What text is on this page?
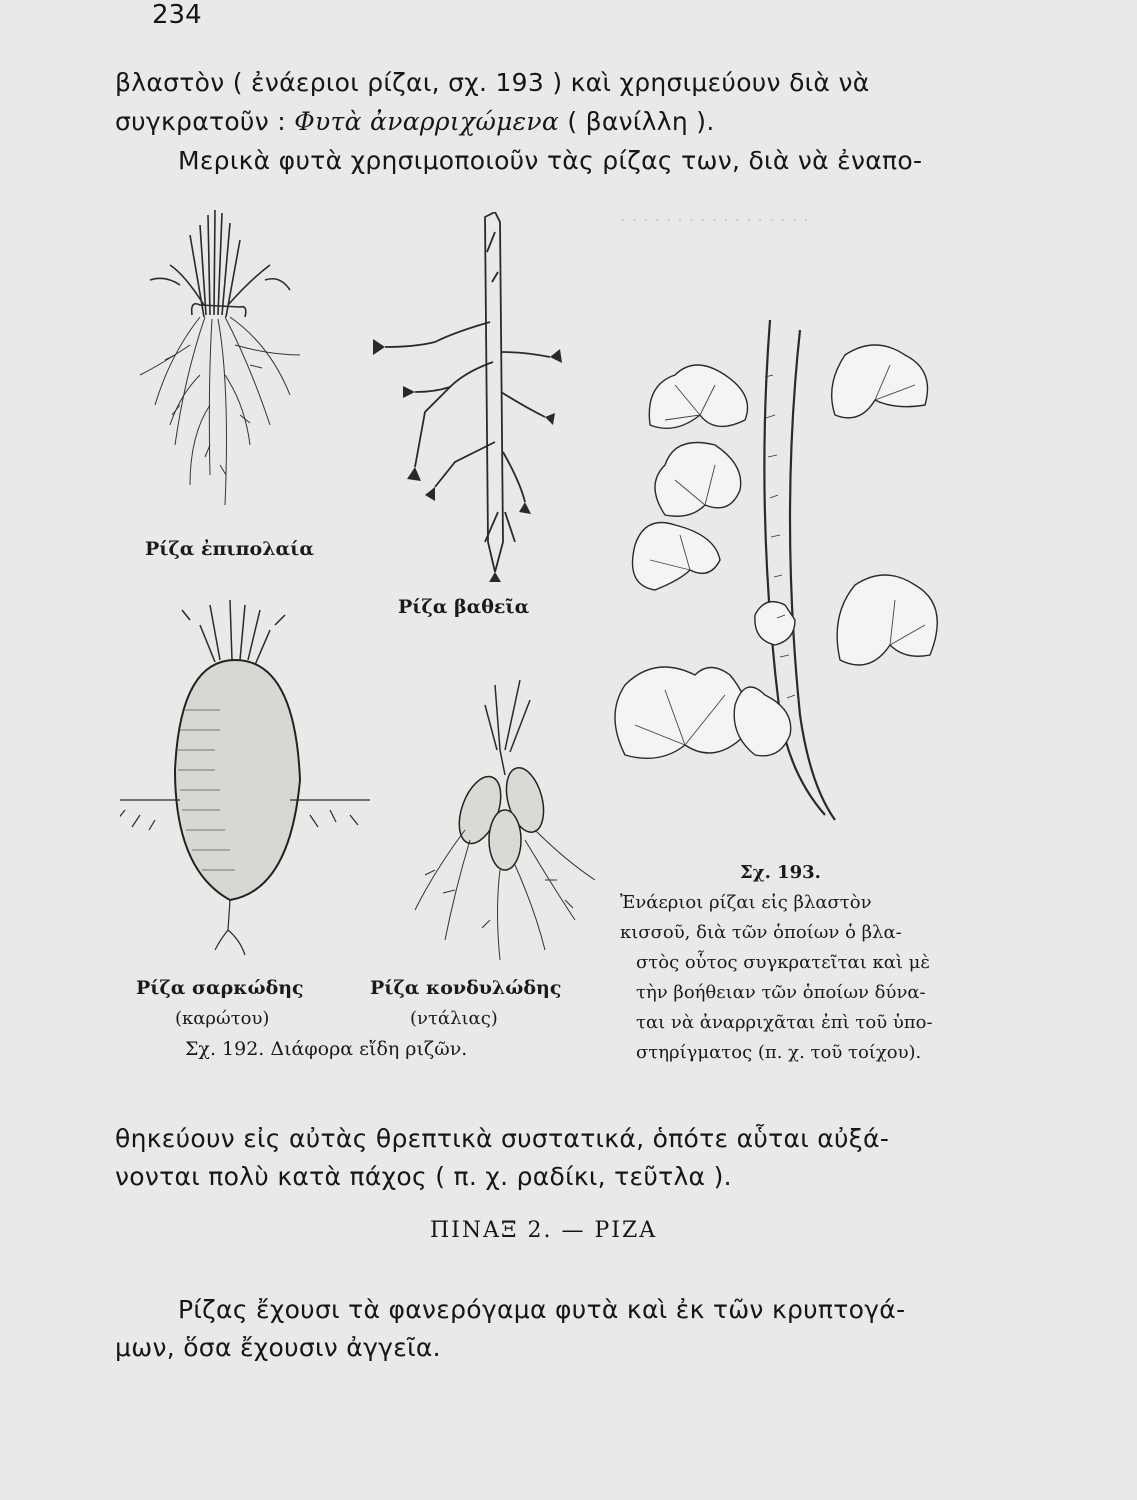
234
βλαστὸν ( ἐνάεριοι ρίζαι, σχ. 193 ) καὶ χρησιμεύουν διὰ νὰ
συγκρατοῦν : Φυτὰ ἀναρριχώμενα ( βανίλλη ).
Μερικὰ φυτὰ χρησιμοποιοῦν τὰς ρίζας των, διὰ νὰ ἐναπο-
· · · · · · · · · · · · · · · · ·
Ρίζα ἐπιπολαία
Ρίζα βαθεῖα
Ρίζα σαρκώδης
(καρώτου)
Ρίζα κονδυλώδης
(ντάλιας)
Σχ. 192. Διάφορα εἴδη ριζῶν.
Σχ. 193.
Ἐνάεριοι ρίζαι εἰς βλαστὸν
κισσοῦ, διὰ τῶν ὁποίων ὁ βλα-
στὸς οὗτος συγκρατεῖται καὶ μὲ
τὴν βοήθειαν τῶν ὁποίων δύνα-
ται νὰ ἀναρριχᾶται ἐπὶ τοῦ ὑπο-
στηρίγματος (π. χ. τοῦ τοίχου).
θηκεύουν εἰς αὐτὰς θρεπτικὰ συστατικά, ὁπότε αὗται αὐξά-
νονται πολὺ κατὰ πάχος ( π. χ. ραδίκι, τεῦτλα ).
ΠΙΝΑΞ 2. — ΡΙΖΑ
Ρίζας ἔχουσι τὰ φανερόγαμα φυτὰ καὶ ἐκ τῶν κρυπτογά-
μων, ὅσα ἔχουσιν ἀγγεῖα.
